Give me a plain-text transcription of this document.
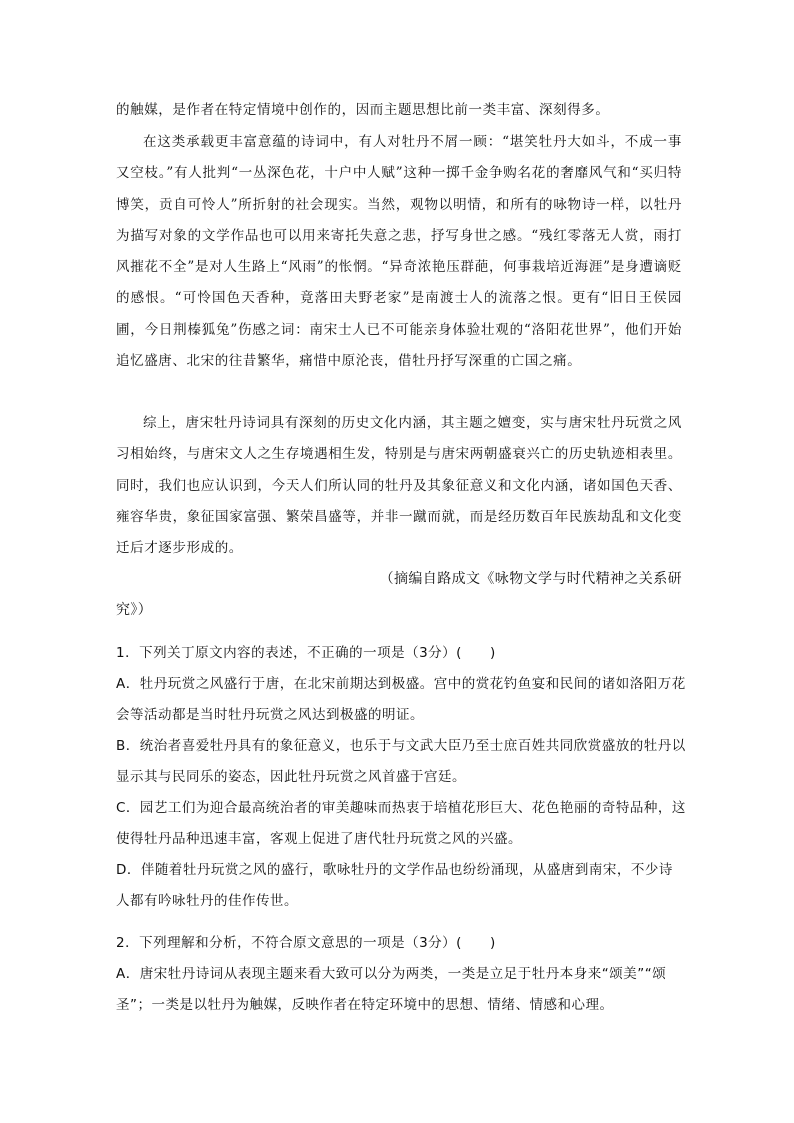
的触媒，是作者在特定情境中创作的，因而主题思想比前一类丰富、深刻得多。

在这类承载更丰富意蕴的诗词中，有人对牡丹不屑一顾：“堪笑牡丹大如斗，不成一事又空枝。”有人批判“一丛深色花，十户中人赋”这种一掷千金争购名花的奢靡风气和“买归特博笑，贡自可怜人”所折射的社会现实。当然，观物以明情，和所有的咏物诗一样，以牡丹为描写对象的文学作品也可以用来寄托失意之悲，抒写身世之感。“残红零落无人赏，雨打风摧花不全”是对人生路上“风雨”的怅惘。“异奇浓艳压群葩，何事栽培近海涯”是身遭谪贬的感恨。“可怜国色天香种，竟落田夫野老家”是南渡士人的流落之恨。更有“旧日王侯园圃，今日荆榛狐兔”伤感之词：南宋士人已不可能亲身体验壮观的“洛阳花世界”，他们开始追忆盛唐、北宋的往昔繁华，痛惜中原沦丧，借牡丹抒写深重的亡国之痛。

综上，唐宋牡丹诗词具有深刻的历史文化内涵，其主题之嬗变，实与唐宋牡丹玩赏之风习相始终，与唐宋文人之生存境遇相生发，特别是与唐宋两朝盛衰兴亡的历史轨迹相表里。同时，我们也应认识到，今天人们所认同的牡丹及其象征意义和文化内涵，诸如国色天香、雍容华贵，象征国家富强、繁荣昌盛等，并非一蹴而就，而是经历数百年民族劫乱和文化变迁后才逐步形成的。

（摘编自路成文《咏物文学与时代精神之关系研
究》）

1．下列关丁原文内容的表述，不正确的一项是（3分）(　　)

A．牡丹玩赏之风盛行于唐，在北宋前期达到极盛。宫中的赏花钓鱼宴和民间的诸如洛阳万花会等活动都是当时牡丹玩赏之风达到极盛的明证。

B．统治者喜爱牡丹具有的象征意义，也乐于与文武大臣乃至士庶百姓共同欣赏盛放的牡丹以显示其与民同乐的姿态，因此牡丹玩赏之风首盛于宫廷。

C．园艺工们为迎合最高统治者的审美趣味而热衷于培植花形巨大、花色艳丽的奇特品种，这使得牡丹品种迅速丰富，客观上促进了唐代牡丹玩赏之风的兴盛。

D．伴随着牡丹玩赏之风的盛行，歌咏牡丹的文学作品也纷纷涌现，从盛唐到南宋，不少诗人都有吟咏牡丹的佳作传世。

2．下列理解和分析，不符合原文意思的一项是（3分）(　　)

A．唐宋牡丹诗词从表现主题来看大致可以分为两类，一类是立足于牡丹本身来“颂美”“颂圣”；一类是以牡丹为触媒，反映作者在特定环境中的思想、情绪、情感和心理。
